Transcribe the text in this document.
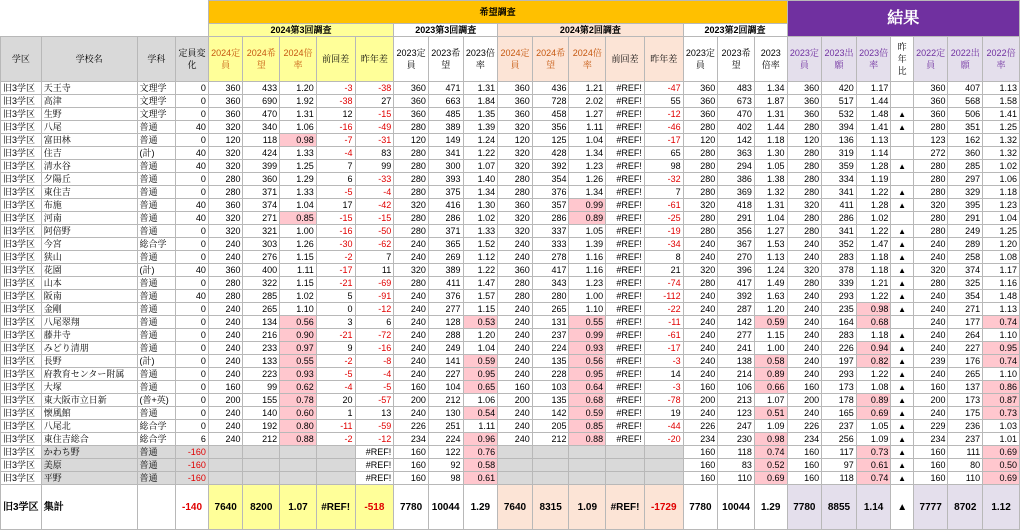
				希望調査																結果						
				2024第3回調査					2023第3回調査			2024第2回調査					2023第2回調査									
学区	学校名	学科	定員変化	2024定員	2024希望	2024倍率	前回差	昨年差	2023定員	2023希望	2023倍率	2024定員	2024希望	2024倍率	前回差	昨年差	2023定員	2023希望	2023倍率	2023定員	2023出願	2023倍率	昨年比	2022定員	2022出願	2022倍率
旧3学区	天王寺	文理学	0	360	433	1.20	-3	-38	360	471	1.31	360	436	1.21	#REF!	-47	360	483	1.34	360	420	1.17		360	407	1.13
旧3学区	高津	文理学	0	360	690	1.92	-38	27	360	663	1.84	360	728	2.02	#REF!	55	360	673	1.87	360	517	1.44		360	568	1.58
旧3学区	生野	文理学	0	360	470	1.31	12	-15	360	485	1.35	360	458	1.27	#REF!	-12	360	470	1.31	360	532	1.48	▲	360	506	1.41
旧3学区	八尾	普通	40	320	340	1.06	-16	-49	280	389	1.39	320	356	1.11	#REF!	-46	280	402	1.44	280	394	1.41	▲	280	351	1.25
旧3学区	富田林	普通	0	120	118	0.98	-7	-31	120	149	1.24	120	125	1.04	#REF!	-17	120	142	1.18	120	136	1.13		123	162	1.32
旧3学区	住吉	(計)	40	320	424	1.33	-4	83	280	341	1.22	320	428	1.34	#REF!	65	280	363	1.30	280	319	1.14		272	360	1.32
旧3学区	清水谷	普通	40	320	399	1.25	7	99	280	300	1.07	320	392	1.23	#REF!	98	280	294	1.05	280	359	1.28	▲	280	285	1.02
旧3学区	夕陽丘	普通	0	280	360	1.29	6	-33	280	393	1.40	280	354	1.26	#REF!	-32	280	386	1.38	280	334	1.19		280	297	1.06
旧3学区	東住吉	普通	0	280	371	1.33	-5	-4	280	375	1.34	280	376	1.34	#REF!	7	280	369	1.32	280	341	1.22	▲	280	329	1.18
旧3学区	布施	普通	40	360	374	1.04	17	-42	320	416	1.30	360	357	0.99	#REF!	-61	320	418	1.31	320	411	1.28	▲	320	395	1.23
旧3学区	河南	普通	40	320	271	0.85	-15	-15	280	286	1.02	320	286	0.89	#REF!	-25	280	291	1.04	280	286	1.02		280	291	1.04
旧3学区	阿倍野	普通	0	320	321	1.00	-16	-50	280	371	1.33	320	337	1.05	#REF!	-19	280	356	1.27	280	341	1.22	▲	280	249	1.25
旧3学区	今宮	総合学	0	240	303	1.26	-30	-62	240	365	1.52	240	333	1.39	#REF!	-34	240	367	1.53	240	352	1.47	▲	240	289	1.20
旧3学区	狭山	普通	0	240	276	1.15	-2	7	240	269	1.12	240	278	1.16	#REF!	8	240	270	1.13	240	283	1.18	▲	240	258	1.08
旧3学区	花園	(計)	40	360	400	1.11	-17	11	320	389	1.22	360	417	1.16	#REF!	21	320	396	1.24	320	378	1.18	▲	320	374	1.17
旧3学区	山本	普通	0	280	322	1.15	-21	-69	280	411	1.47	280	343	1.23	#REF!	-74	280	417	1.49	280	339	1.21	▲	280	325	1.16
旧3学区	阪南	普通	40	280	285	1.02	5	-91	240	376	1.57	280	280	1.00	#REF!	-112	240	392	1.63	240	293	1.22	▲	240	354	1.48
旧3学区	金剛	普通	0	240	265	1.10	0	-12	240	277	1.15	240	265	1.10	#REF!	-22	240	287	1.20	240	235	0.98	▲	240	271	1.13
旧3学区	八尾翠翔	普通	0	240	134	0.56	3	6	240	128	0.53	240	131	0.55	#REF!	-11	240	142	0.59	240	164	0.68		240	177	0.74
旧3学区	藤井寺	普通	0	240	216	0.90	-21	-72	240	288	1.20	240	237	0.99	#REF!	-61	240	277	1.15	240	283	1.18	▲	240	264	1.10
旧3学区	みどり清朋	普通	0	240	233	0.97	9	-16	240	249	1.04	240	224	0.93	#REF!	-17	240	241	1.00	240	226	0.94	▲	240	227	0.95
旧3学区	長野	(計)	0	240	133	0.55	-2	-8	240	141	0.59	240	135	0.56	#REF!	-3	240	138	0.58	240	197	0.82	▲	239	176	0.74
旧3学区	府教育センター附属	普通	0	240	223	0.93	-5	-4	240	227	0.95	240	228	0.95	#REF!	14	240	214	0.89	240	293	1.22	▲	240	265	1.10
旧3学区	大塚	普通	0	160	99	0.62	-4	-5	160	104	0.65	160	103	0.64	#REF!	-3	160	106	0.66	160	173	1.08	▲	160	137	0.86
旧3学区	東大阪市立日新	(普+英)	0	200	155	0.78	20	-57	200	212	1.06	200	135	0.68	#REF!	-78	200	213	1.07	200	178	0.89	▲	200	173	0.87
旧3学区	懐風館	普通	0	240	140	0.60	1	13	240	130	0.54	240	142	0.59	#REF!	19	240	123	0.51	240	165	0.69	▲	240	175	0.73
旧3学区	八尾北	総合学	0	240	192	0.80	-11	-59	226	251	1.11	240	205	0.85	#REF!	-44	226	247	1.09	226	237	1.05	▲	229	236	1.03
旧3学区	東住吉総合	総合学	6	240	212	0.88	-2	-12	234	224	0.96	240	212	0.88	#REF!	-20	234	230	0.98	234	256	1.09	▲	234	237	1.01
旧3学区	かわち野	普通	-160					#REF!	160	122	0.76						160	118	0.74	160	117	0.73	▲	160	111	0.69
旧3学区	美原	普通	-160					#REF!	160	92	0.58						160	83	0.52	160	97	0.61	▲	160	80	0.50
旧3学区	平野	普通	-160					#REF!	160	98	0.61						160	110	0.69	160	118	0.74	▲	160	110	0.69
旧3学区	集計		-140	7640	8200	1.07	#REF!	-518	7780	10044	1.29	7640	8315	1.09	#REF!	-1729	7780	10044	1.29	7780	8855	1.14	▲	7777	8702	1.12
